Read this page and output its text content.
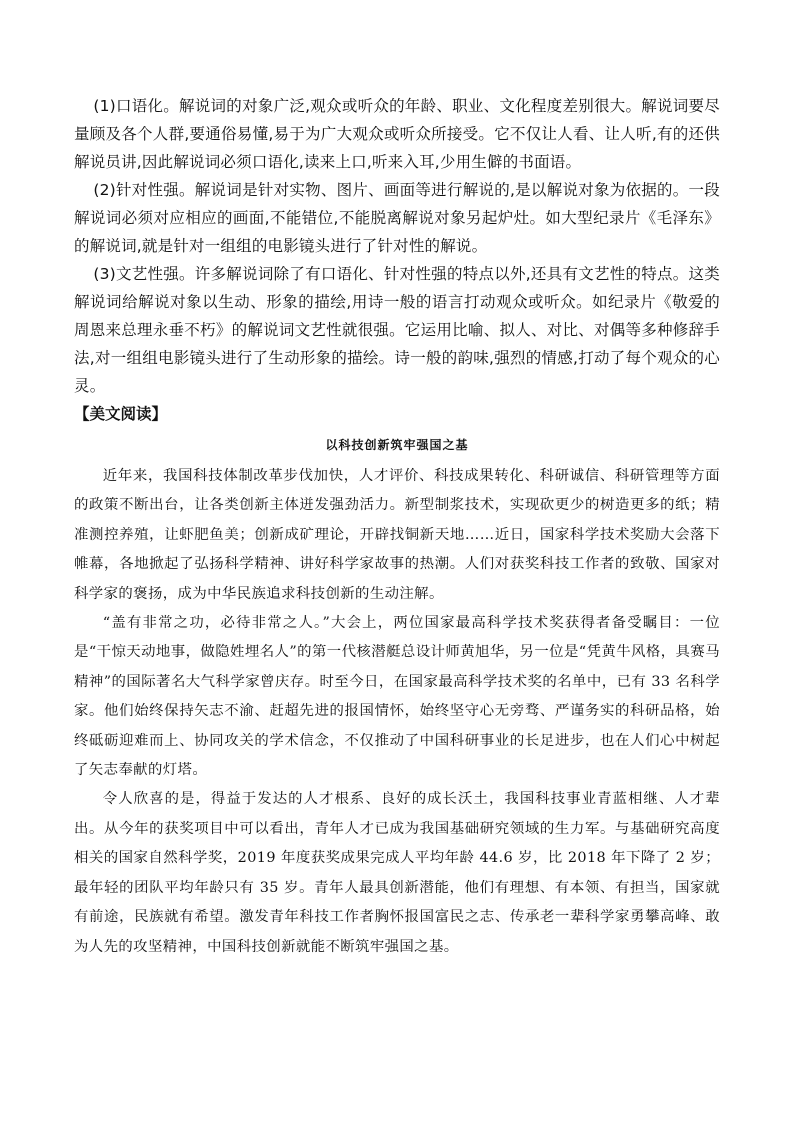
(1)口语化。解说词的对象广泛,观众或听众的年龄、职业、文化程度差别很大。解说词要尽量顾及各个人群,要通俗易懂,易于为广大观众或听众所接受。它不仅让人看、让人听,有的还供解说员讲,因此解说词必须口语化,读来上口,听来入耳,少用生僻的书面语。

(2)针对性强。解说词是针对实物、图片、画面等进行解说的,是以解说对象为依据的。一段解说词必须对应相应的画面,不能错位,不能脱离解说对象另起炉灶。如大型纪录片《毛泽东》的解说词,就是针对一组组的电影镜头进行了针对性的解说。

(3)文艺性强。许多解说词除了有口语化、针对性强的特点以外,还具有文艺性的特点。这类解说词给解说对象以生动、形象的描绘,用诗一般的语言打动观众或听众。如纪录片《敬爱的周恩来总理永垂不朽》的解说词文艺性就很强。它运用比喻、拟人、对比、对偶等多种修辞手法,对一组组电影镜头进行了生动形象的描绘。诗一般的韵味,强烈的情感,打动了每个观众的心灵。

【美文阅读】

以科技创新筑牢强国之基

近年来，我国科技体制改革步伐加快，人才评价、科技成果转化、科研诚信、科研管理等方面的政策不断出台，让各类创新主体迸发强劲活力。新型制浆技术，实现砍更少的树造更多的纸；精准测控养殖，让虾肥鱼美；创新成矿理论，开辟找铜新天地……近日，国家科学技术奖励大会落下帷幕，各地掀起了弘扬科学精神、讲好科学家故事的热潮。人们对获奖科技工作者的致敬、国家对科学家的褒扬，成为中华民族追求科技创新的生动注解。

“盖有非常之功，必待非常之人。”大会上，两位国家最高科学技术奖获得者备受瞩目：一位是“干惊天动地事，做隐姓埋名人”的第一代核潜艇总设计师黄旭华，另一位是“凭黄牛风格，具赛马精神”的国际著名大气科学家曾庆存。时至今日，在国家最高科学技术奖的名单中，已有 33 名科学家。他们始终保持矢志不渝、赶超先进的报国情怀，始终坚守心无旁骛、严谨务实的科研品格，始终砥砺迎难而上、协同攻关的学术信念，不仅推动了中国科研事业的长足进步，也在人们心中树起了矢志奉献的灯塔。

令人欣喜的是，得益于发达的人才根系、良好的成长沃土，我国科技事业青蓝相继、人才辈出。从今年的获奖项目中可以看出，青年人才已成为我国基础研究领域的生力军。与基础研究高度相关的国家自然科学奖，2019 年度获奖成果完成人平均年龄 44.6 岁，比 2018 年下降了 2 岁；最年轻的团队平均年龄只有 35 岁。青年人最具创新潜能，他们有理想、有本领、有担当，国家就有前途，民族就有希望。激发青年科技工作者胸怀报国富民之志、传承老一辈科学家勇攀高峰、敢为人先的攻坚精神，中国科技创新就能不断筑牢强国之基。
